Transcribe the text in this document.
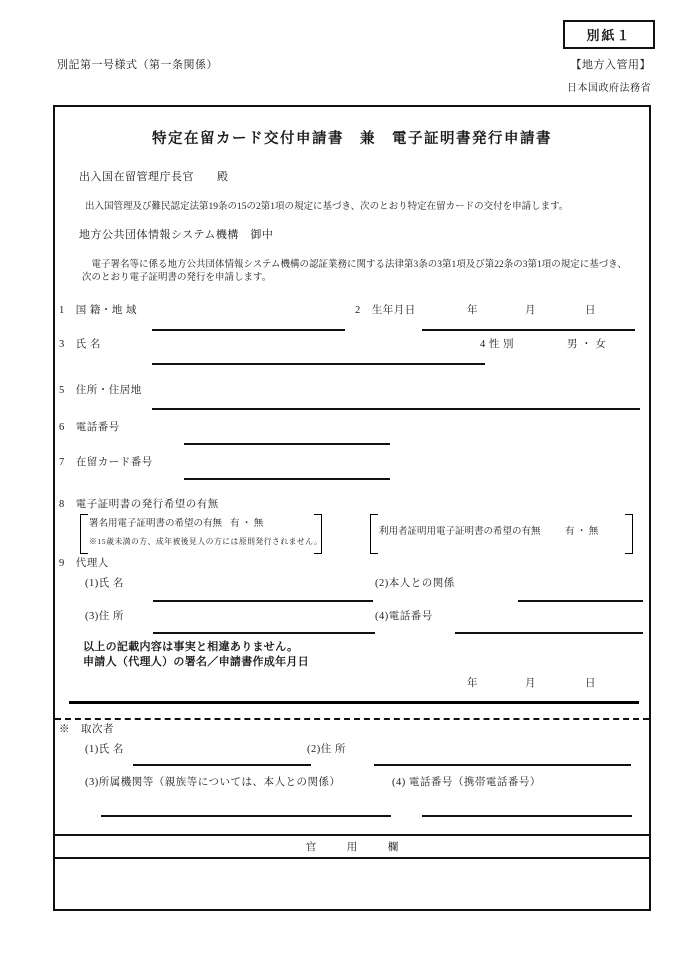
別紙１
別記第一号様式（第一条関係）	【地方入管用】
日本国政府法務省
特定在留カード交付申請書　兼　電子証明書発行申請書
出入国在留管理庁長官　　殿
出入国管理及び難民認定法第19条の15の2第1項の規定に基づき、次のとおり特定在留カードの交付を申請します。
地方公共団体情報システム機構　御中
　電子署名等に係る地方公共団体情報システム機構の認証業務に関する法律第3条の3第1項及び第22条の3第1項の規定に基づき、次のとおり電子証明書の発行を申請します。
1　国 籍・地 域	2　生年月日	年	月	日
3　氏 名	4 性 別	男 ・ 女
5　住所・住居地
6　電話番号
7　在留カード番号
8　電子証明書の発行希望の有無
署名用電子証明書の希望の有無 有 ・ 無
※15歳未満の方、成年被後見人の方には原則発行されません。
利用者証明用電子証明書の希望の有無	有 ・ 無
9　代理人
(1)氏 名	(2)本人との関係
(3)住 所	(4)電話番号
以上の記載内容は事実と相違ありません。
申請人（代理人）の署名／申請書作成年月日
年	月	日
※　取次者
(1)氏 名	(2)住 所
(3)所属機関等（親族等については、本人との関係）	(4) 電話番号（携帯電話番号）
官　用　欄
